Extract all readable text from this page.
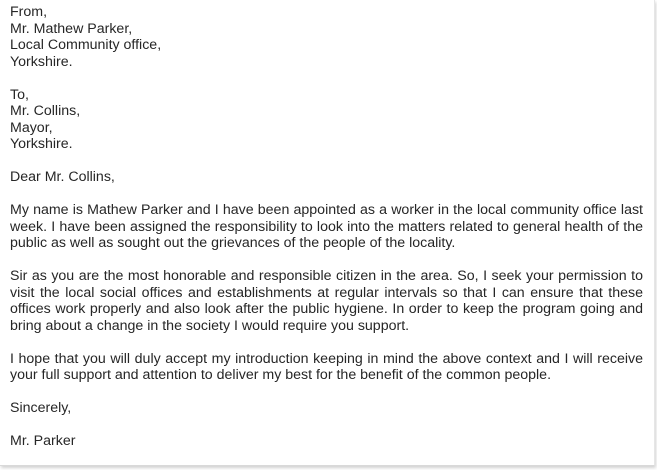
From,
Mr. Mathew Parker,
Local Community office,
Yorkshire.
To,
Mr. Collins,
Mayor,
Yorkshire.
Dear Mr. Collins,

My name is Mathew Parker and I have been appointed as a worker in the local community office last week. I have been assigned the responsibility to look into the matters related to general health of the public as well as sought out the grievances of the people of the locality.

Sir as you are the most honorable and responsible citizen in the area. So, I seek your permission to visit the local social offices and establishments at regular intervals so that I can ensure that these offices work properly and also look after the public hygiene. In order to keep the program going and bring about a change in the society I would require you support.

I hope that you will duly accept my introduction keeping in mind the above context and I will receive your full support and attention to deliver my best for the benefit of the common people.

Sincerely,
Mr. Parker
